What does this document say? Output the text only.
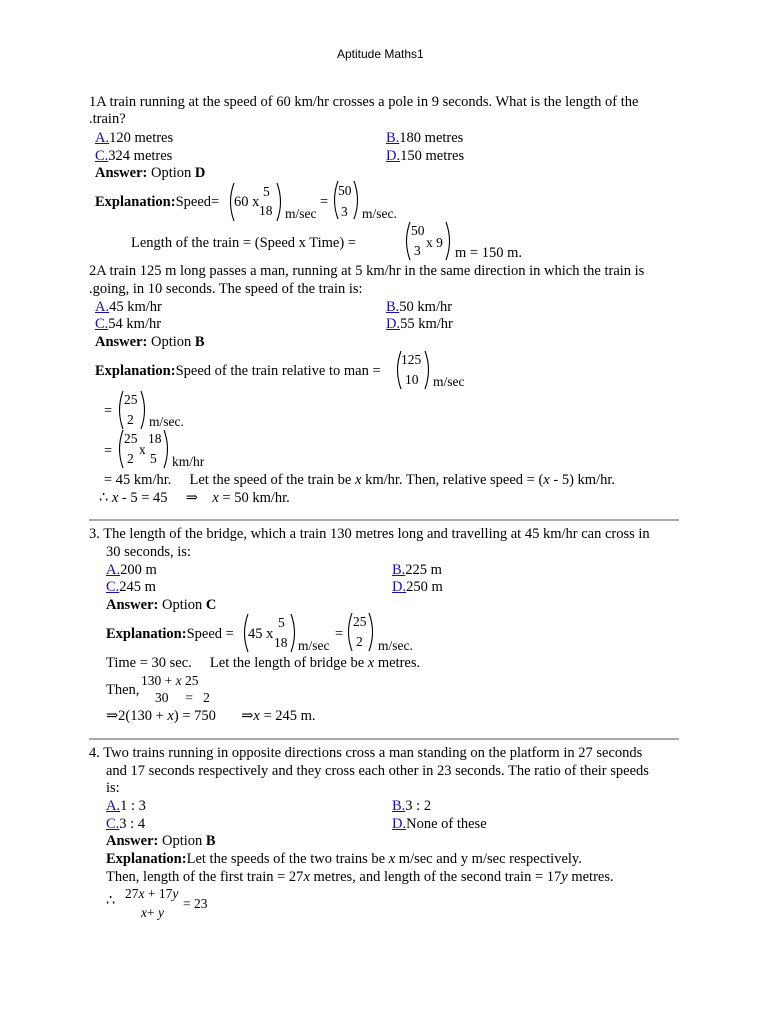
Aptitude Maths1
1A train running at the speed of 60 km/hr crosses a pole in 9 seconds. What is the length of the
.train?
A.120 metres	B.180 metres
C.324 metres	D.150 metres
Answer: Option D
Explanation:Speed= 60 x
5
18 m/sec
=
50
3 m/sec.
Length of the train = (Speed x Time) =
50
3
x 9
m = 150 m.
2A train 125 m long passes a man, running at 5 km/hr in the same direction in which the train is
.going, in 10 seconds. The speed of the train is:
A.45 km/hr	B.50 km/hr
C.54 km/hr	D.55 km/hr
Answer: Option B
Explanation:Speed of the train relative to man =
125
10 m/sec
=
25
2 m/sec.
=
25 18
x
2 5 km/hr
= 45 km/hr. Let the speed of the train be x km/hr. Then, relative speed = (x - 5) km/hr.
∴ x - 5 = 45 ⇒ x = 50 km/hr.
3. The length of the bridge, which a train 130 metres long and travelling at 45 km/hr can cross in
30 seconds, is:
A.200 m	B.225 m
C.245 m	D.250 m
Answer: Option C
Explanation:Speed = 45 x
5
18 m/sec
=
25
2 m/sec.
Time = 30 sec. Let the length of bridge be x metres.
Then,
130 + x 25
30 = 2
⇒2(130 + x) = 750 ⇒x = 245 m.
4. Two trains running in opposite directions cross a man standing on the platform in 27 seconds
and 17 seconds respectively and they cross each other in 23 seconds. The ratio of their speeds
is:
A.1 : 3	B.3 : 2
C.3 : 4	D.None of these
Answer: Option B
Explanation:Let the speeds of the two trains be x m/sec and y m/sec respectively.
Then, length of the first train = 27x metres, and length of the second train = 17y metres.
∴ 27x + 17y
= 23
x+ y
